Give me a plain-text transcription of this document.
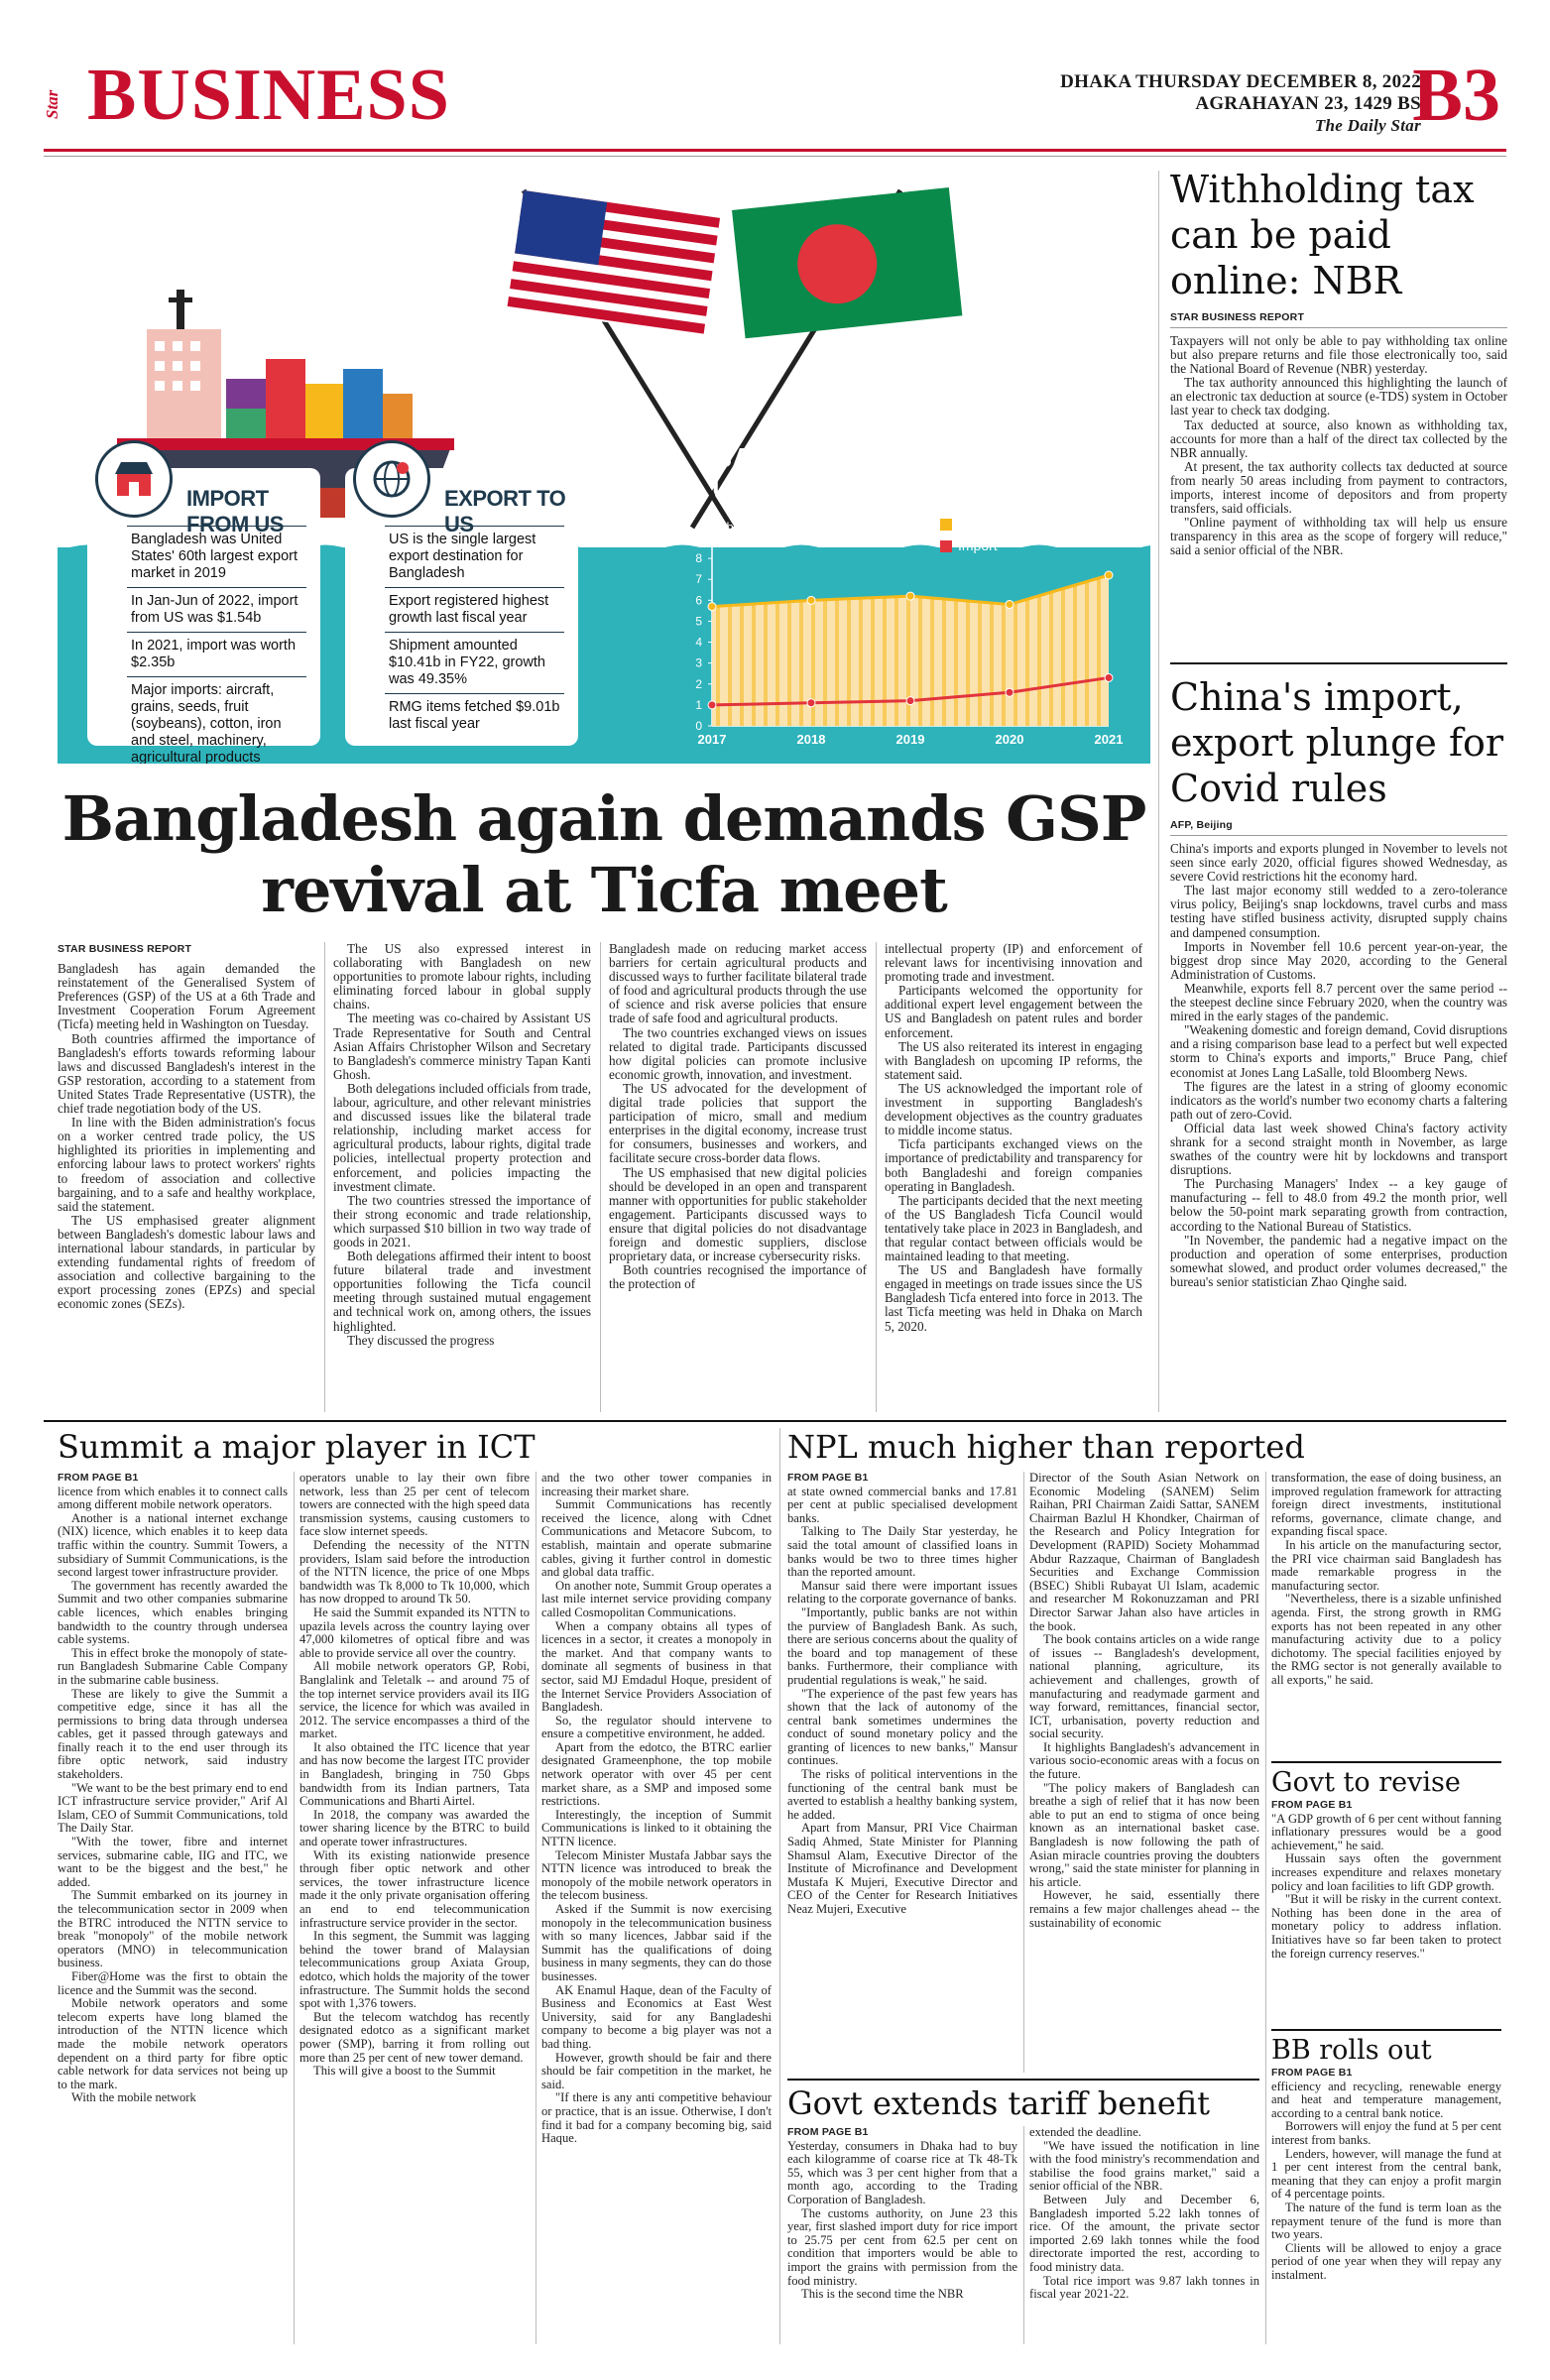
Star BUSINESS	DHAKA THURSDAY DECEMBER 8, 2022
AGRAHAYAN 23, 1429 BS
The Daily Star
B3
IMPORT FROM US
Bangladesh was United States' 60th largest export market in 2019
In Jan-Jun of 2022, import from US was $1.54b
In 2021, import was worth $2.35b
Major imports: aircraft, grains, seeds, fruit (soybeans), cotton, iron and steel, machinery, agricultural products
EXPORT TO US
US is the single largest export destination for Bangladesh
Export registered highest growth last fiscal year
Shipment amounted $10.41b in FY22, growth was 49.35%
RMG items fetched $9.01b last fiscal year
BANGLADESH'S TRADE WITH US
In billion $; SOURCE: US CENSUS	Export
Import
0
1
2
3
4
5
6
7
8
9
2017	2018	2019	2020	2021
Bangladesh again demands GSP revival at Ticfa meet
STAR BUSINESS REPORT

Bangladesh has again demanded the reinstatement of the Generalised System of Preferences (GSP) of the US at a 6th Trade and Investment Cooperation Forum Agreement (Ticfa) meeting held in Washington on Tuesday.

Both countries affirmed the importance of Bangladesh's efforts towards reforming labour laws and discussed Bangladesh's interest in the GSP restoration, according to a statement from United States Trade Representative (USTR), the chief trade negotiation body of the US.

In line with the Biden administration's focus on a worker centred trade policy, the US highlighted its priorities in implementing and enforcing labour laws to protect workers' rights to freedom of association and collective bargaining, and to a safe and healthy workplace, said the statement.

The US emphasised greater alignment between Bangladesh's domestic labour laws and international labour standards, in particular by extending fundamental rights of freedom of association and collective bargaining to the export processing zones (EPZs) and special economic zones (SEZs).

The US also expressed interest in collaborating with Bangladesh on new opportunities to promote labour rights, including eliminating forced labour in global supply chains.

The meeting was co-chaired by Assistant US Trade Representative for South and Central Asian Affairs Christopher Wilson and Secretary to Bangladesh's commerce ministry Tapan Kanti Ghosh.

Both delegations included officials from trade, labour, agriculture, and other relevant ministries and discussed issues like the bilateral trade relationship, including market access for agricultural products, labour rights, digital trade policies, intellectual property protection and enforcement, and policies impacting the investment climate.

The two countries stressed the importance of their strong economic and trade relationship, which surpassed $10 billion in two way trade of goods in 2021.

Both delegations affirmed their intent to boost future bilateral trade and investment opportunities following the Ticfa council meeting through sustained mutual engagement and technical work on, among others, the issues highlighted.

They discussed the progress

Bangladesh made on reducing market access barriers for certain agricultural products and discussed ways to further facilitate bilateral trade of food and agricultural products through the use of science and risk averse policies that ensure trade of safe food and agricultural products.

The two countries exchanged views on issues related to digital trade. Participants discussed how digital policies can promote inclusive economic growth, innovation, and investment.

The US advocated for the development of digital trade policies that support the participation of micro, small and medium enterprises in the digital economy, increase trust for consumers, businesses and workers, and facilitate secure cross-border data flows.

The US emphasised that new digital policies should be developed in an open and transparent manner with opportunities for public stakeholder engagement. Participants discussed ways to ensure that digital policies do not disadvantage foreign and domestic suppliers, disclose proprietary data, or increase cybersecurity risks.

Both countries recognised the importance of the protection of

intellectual property (IP) and enforcement of relevant laws for incentivising innovation and promoting trade and investment.

Participants welcomed the opportunity for additional expert level engagement between the US and Bangladesh on patent rules and border enforcement.

The US also reiterated its interest in engaging with Bangladesh on upcoming IP reforms, the statement said.

The US acknowledged the important role of investment in supporting Bangladesh's development objectives as the country graduates to middle income status.

Ticfa participants exchanged views on the importance of predictability and transparency for both Bangladeshi and foreign companies operating in Bangladesh.

The participants decided that the next meeting of the US Bangladesh Ticfa Council would tentatively take place in 2023 in Bangladesh, and that regular contact between officials would be maintained leading to that meeting.

The US and Bangladesh have formally engaged in meetings on trade issues since the US Bangladesh Ticfa entered into force in 2013. The last Ticfa meeting was held in Dhaka on March 5, 2020.

Withholding tax can be paid online: NBR
STAR BUSINESS REPORT

Taxpayers will not only be able to pay withholding tax online but also prepare returns and file those electronically too, said the National Board of Revenue (NBR) yesterday.

The tax authority announced this highlighting the launch of an electronic tax deduction at source (e-TDS) system in October last year to check tax dodging.

Tax deducted at source, also known as withholding tax, accounts for more than a half of the direct tax collected by the NBR annually.

At present, the tax authority collects tax deducted at source from nearly 50 areas including from payment to contractors, imports, interest income of depositors and from property transfers, said officials.

"Online payment of withholding tax will help us ensure transparency in this area as the scope of forgery will reduce," said a senior official of the NBR.

China's import, export plunge for Covid rules
AFP, Beijing

China's imports and exports plunged in November to levels not seen since early 2020, official figures showed Wednesday, as severe Covid restrictions hit the economy hard.

The last major economy still wedded to a zero-tolerance virus policy, Beijing's snap lockdowns, travel curbs and mass testing have stifled business activity, disrupted supply chains and dampened consumption.

Imports in November fell 10.6 percent year-on-year, the biggest drop since May 2020, according to the General Administration of Customs.

Meanwhile, exports fell 8.7 percent over the same period -- the steepest decline since February 2020, when the country was mired in the early stages of the pandemic.

"Weakening domestic and foreign demand, Covid disruptions and a rising comparison base lead to a perfect but well expected storm to China's exports and imports," Bruce Pang, chief economist at Jones Lang LaSalle, told Bloomberg News.

The figures are the latest in a string of gloomy economic indicators as the world's number two economy charts a faltering path out of zero-Covid.

Official data last week showed China's factory activity shrank for a second straight month in November, as large swathes of the country were hit by lockdowns and transport disruptions.

The Purchasing Managers' Index -- a key gauge of manufacturing -- fell to 48.0 from 49.2 the month prior, well below the 50-point mark separating growth from contraction, according to the National Bureau of Statistics.

"In November, the pandemic had a negative impact on the production and operation of some enterprises, production somewhat slowed, and product order volumes decreased," the bureau's senior statistician Zhao Qinghe said.

Summit a major player in ICT
FROM PAGE B1

licence from which enables it to connect calls among different mobile network operators.

Another is a national internet exchange (NIX) licence, which enables it to keep data traffic within the country. Summit Towers, a subsidiary of Summit Communications, is the second largest tower infrastructure provider.

The government has recently awarded the Summit and two other companies submarine cable licences, which enables bringing bandwidth to the country through undersea cable systems.

This in effect broke the monopoly of state-run Bangladesh Submarine Cable Company in the submarine cable business.

These are likely to give the Summit a competitive edge, since it has all the permissions to bring data through undersea cables, get it passed through gateways and finally reach it to the end user through its fibre optic network, said industry stakeholders.

"We want to be the best primary end to end ICT infrastructure service provider," Arif Al Islam, CEO of Summit Communications, told The Daily Star.

"With the tower, fibre and internet services, submarine cable, IIG and ITC, we want to be the biggest and the best," he added.

The Summit embarked on its journey in the telecommunication sector in 2009 when the BTRC introduced the NTTN service to break "monopoly" of the mobile network operators (MNO) in telecommunication business.

Fiber@Home was the first to obtain the licence and the Summit was the second.

Mobile network operators and some telecom experts have long blamed the introduction of the NTTN licence which made the mobile network operators dependent on a third party for fibre optic cable network for data services not being up to the mark.

With the mobile network

operators unable to lay their own fibre network, less than 25 per cent of telecom towers are connected with the high speed data transmission systems, causing customers to face slow internet speeds.

Defending the necessity of the NTTN providers, Islam said before the introduction of the NTTN licence, the price of one Mbps bandwidth was Tk 8,000 to Tk 10,000, which has now dropped to around Tk 50.

He said the Summit expanded its NTTN to upazila levels across the country laying over 47,000 kilometres of optical fibre and was able to provide service all over the country.

All mobile network operators GP, Robi, Banglalink and Teletalk -- and around 75 of the top internet service providers avail its IIG service, the licence for which was availed in 2012. The service encompasses a third of the market.

It also obtained the ITC licence that year and has now become the largest ITC provider in Bangladesh, bringing in 750 Gbps bandwidth from its Indian partners, Tata Communications and Bharti Airtel.

In 2018, the company was awarded the tower sharing licence by the BTRC to build and operate tower infrastructures.

With its existing nationwide presence through fiber optic network and other services, the tower infrastructure licence made it the only private organisation offering an end to end telecommunication infrastructure service provider in the sector.

In this segment, the Summit was lagging behind the tower brand of Malaysian telecommunications group Axiata Group, edotco, which holds the majority of the tower infrastructure. The Summit holds the second spot with 1,376 towers.

But the telecom watchdog has recently designated edotco as a significant market power (SMP), barring it from rolling out more than 25 per cent of new tower demand.

This will give a boost to the Summit

and the two other tower companies in increasing their market share.

Summit Communications has recently received the licence, along with Cdnet Communications and Metacore Subcom, to establish, maintain and operate submarine cables, giving it further control in domestic and global data traffic.

On another note, Summit Group operates a last mile internet service providing company called Cosmopolitan Communications.

When a company obtains all types of licences in a sector, it creates a monopoly in the market. And that company wants to dominate all segments of business in that sector, said MJ Emdadul Hoque, president of the Internet Service Providers Association of Bangladesh.

So, the regulator should intervene to ensure a competitive environment, he added.

Apart from the edotco, the BTRC earlier designated Grameenphone, the top mobile network operator with over 45 per cent market share, as a SMP and imposed some restrictions.

Interestingly, the inception of Summit Communications is linked to it obtaining the NTTN licence.

Telecom Minister Mustafa Jabbar says the NTTN licence was introduced to break the monopoly of the mobile network operators in the telecom business.

Asked if the Summit is now exercising monopoly in the telecommunication business with so many licences, Jabbar said if the Summit has the qualifications of doing business in many segments, they can do those businesses.

AK Enamul Haque, dean of the Faculty of Business and Economics at East West University, said for any Bangladeshi company to become a big player was not a bad thing.

However, growth should be fair and there should be fair competition in the market, he said.

"If there is any anti competitive behaviour or practice, that is an issue. Otherwise, I don't find it bad for a company becoming big, said Haque.

NPL much higher than reported
FROM PAGE B1

at state owned commercial banks and 17.81 per cent at public specialised development banks.

Talking to The Daily Star yesterday, he said the total amount of classified loans in banks would be two to three times higher than the reported amount.

Mansur said there were important issues relating to the corporate governance of banks.

"Importantly, public banks are not within the purview of Bangladesh Bank. As such, there are serious concerns about the quality of the board and top management of these banks. Furthermore, their compliance with prudential regulations is weak," he said.

"The experience of the past few years has shown that the lack of autonomy of the central bank sometimes undermines the conduct of sound monetary policy and the granting of licences to new banks," Mansur continues.

The risks of political interventions in the functioning of the central bank must be averted to establish a healthy banking system, he added.

Apart from Mansur, PRI Vice Chairman Sadiq Ahmed, State Minister for Planning Shamsul Alam, Executive Director of the Institute of Microfinance and Development Mustafa K Mujeri, Executive Director and CEO of the Center for Research Initiatives Neaz Mujeri, Executive

Director of the South Asian Network on Economic Modeling (SANEM) Selim Raihan, PRI Chairman Zaidi Sattar, SANEM Chairman Bazlul H Khondker, Chairman of the Research and Policy Integration for Development (RAPID) Society Mohammad Abdur Razzaque, Chairman of Bangladesh Securities and Exchange Commission (BSEC) Shibli Rubayat Ul Islam, academic and researcher M Rokonuzzaman and PRI Director Sarwar Jahan also have articles in the book.

The book contains articles on a wide range of issues -- Bangladesh's development, national planning, agriculture, its achievement and challenges, growth of manufacturing and readymade garment and way forward, remittances, financial sector, ICT, urbanisation, poverty reduction and social security.

It highlights Bangladesh's advancement in various socio-economic areas with a focus on the future.

"The policy makers of Bangladesh can breathe a sigh of relief that it has now been able to put an end to stigma of once being known as an international basket case. Bangladesh is now following the path of Asian miracle countries proving the doubters wrong," said the state minister for planning in his article.

However, he said, essentially there remains a few major challenges ahead -- the sustainability of economic

transformation, the ease of doing business, an improved regulation framework for attracting foreign direct investments, institutional reforms, governance, climate change, and expanding fiscal space.

In his article on the manufacturing sector, the PRI vice chairman said Bangladesh has made remarkable progress in the manufacturing sector.

"Nevertheless, there is a sizable unfinished agenda. First, the strong growth in RMG exports has not been repeated in any other manufacturing activity due to a policy dichotomy. The special facilities enjoyed by the RMG sector is not generally available to all exports," he said.

Govt to revise
FROM PAGE B1

"A GDP growth of 6 per cent without fanning inflationary pressures would be a good achievement," he said.

Hussain says often the government increases expenditure and relaxes monetary policy and loan facilities to lift GDP growth.

"But it will be risky in the current context. Nothing has been done in the area of monetary policy to address inflation. Initiatives have so far been taken to protect the foreign currency reserves."

BB rolls out
FROM PAGE B1

efficiency and recycling, renewable energy and heat and temperature management, according to a central bank notice.

Borrowers will enjoy the fund at 5 per cent interest from banks.

Lenders, however, will manage the fund at 1 per cent interest from the central bank, meaning that they can enjoy a profit margin of 4 percentage points.

The nature of the fund is term loan as the repayment tenure of the fund is more than two years.

Clients will be allowed to enjoy a grace period of one year when they will repay any instalment.

Govt extends tariff benefit
FROM PAGE B1

Yesterday, consumers in Dhaka had to buy each kilogramme of coarse rice at Tk 48-Tk 55, which was 3 per cent higher from that a month ago, according to the Trading Corporation of Bangladesh.

The customs authority, on June 23 this year, first slashed import duty for rice import to 25.75 per cent from 62.5 per cent on condition that importers would be able to import the grains with permission from the food ministry.

This is the second time the NBR

extended the deadline.

"We have issued the notification in line with the food ministry's recommendation and stabilise the food grains market," said a senior official of the NBR.

Between July and December 6, Bangladesh imported 5.22 lakh tonnes of rice. Of the amount, the private sector imported 2.69 lakh tonnes while the food directorate imported the rest, according to food ministry data.

Total rice import was 9.87 lakh tonnes in fiscal year 2021-22.
